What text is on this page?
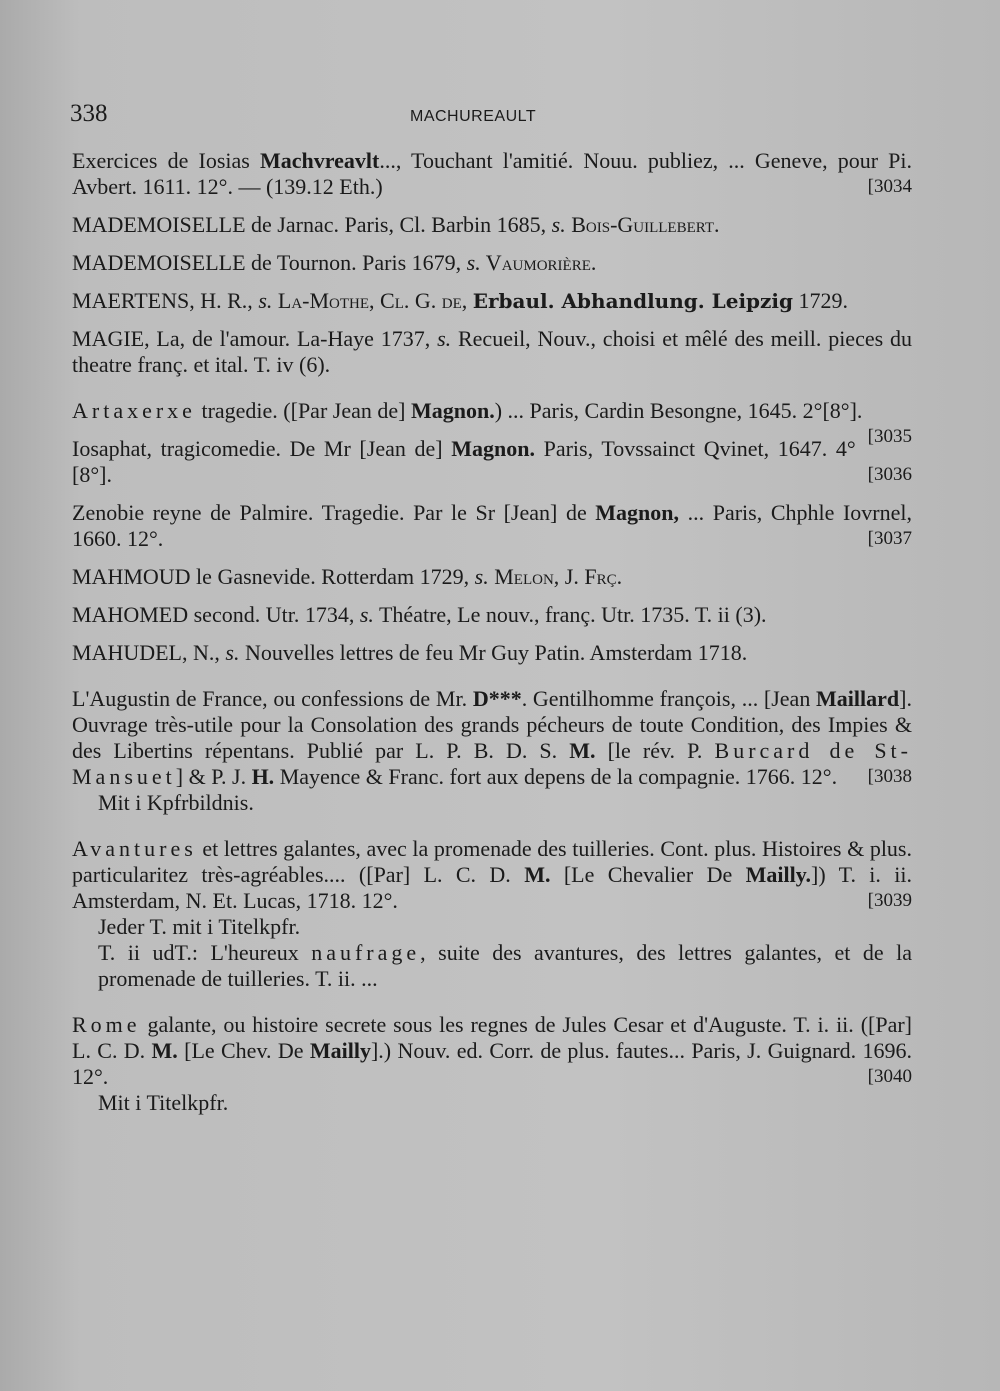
338	MACHUREAULT

Exercices de Iosias Machvreavlt..., Touchant l'amitié. Nouu. publiez, ... Geneve, pour Pi. Avbert. 1611. 12°. — (139.12 Eth.)	[3034

MADEMOISELLE de Jarnac. Paris, Cl. Barbin 1685, s. Bois-Guillebert.

MADEMOISELLE de Tournon. Paris 1679, s. Vaumorière.

MAERTENS, H. R., s. La-Mothe, Cl. G. de, Erbaul. Abhandlung. Leipzig 1729.

MAGIE, La, de l'amour. La-Haye 1737, s. Recueil, Nouv., choisi et mêlé des meill. pieces du theatre franç. et ital. T. iv (6).

Artaxerxe tragedie. ([Par Jean de] Magnon.) ... Paris, Cardin Besongne, 1645. 2°[8°].
[3035

Iosaphat, tragicomedie. De Mr [Jean de] Magnon. Paris, Tovssainct Qvinet, 1647. 4°[8°].	[3036

Zenobie reyne de Palmire. Tragedie. Par le Sr [Jean] de Magnon, ... Paris, Chphle Iovrnel, 1660. 12°.	[3037

MAHMOUD le Gasnevide. Rotterdam 1729, s. Melon, J. Frç.

MAHOMED second. Utr. 1734, s. Théatre, Le nouv., franç. Utr. 1735. T. ii (3).

MAHUDEL, N., s. Nouvelles lettres de feu Mr Guy Patin. Amsterdam 1718.

L'Augustin de France, ou confessions de Mr. D***. Gentilhomme françois, ... [Jean Maillard]. Ouvrage très-utile pour la Consolation des grands pécheurs de toute Condition, des Impies & des Libertins répentans. Publié par L. P. B. D. S. M. [le rév. P. Burcard de St-Mansuet] & P. J. H. Mayence & Franc. fort aux depens de la compagnie. 1766. 12°. [3038

Mit i Kpfrbildnis.

Avantures et lettres galantes, avec la promenade des tuilleries. Cont. plus. Histoires & plus. particularitez très-agréables.... ([Par] L. C. D. M. [Le Chevalier De Mailly.]) T. i. ii. Amsterdam, N. Et. Lucas, 1718. 12°.	[3039

Jeder T. mit i Titelkpfr.

T. ii udT.: L'heureux naufrage, suite des avantures, des lettres galantes, et de la promenade de tuilleries. T. ii. ...

Rome galante, ou histoire secrete sous les regnes de Jules Cesar et d'Auguste. T. i. ii. ([Par] L. C. D. M. [Le Chev. De Mailly].) Nouv. ed. Corr. de plus. fautes... Paris, J. Guignard. 1696. 12°.	[3040

Mit i Titelkpfr.
